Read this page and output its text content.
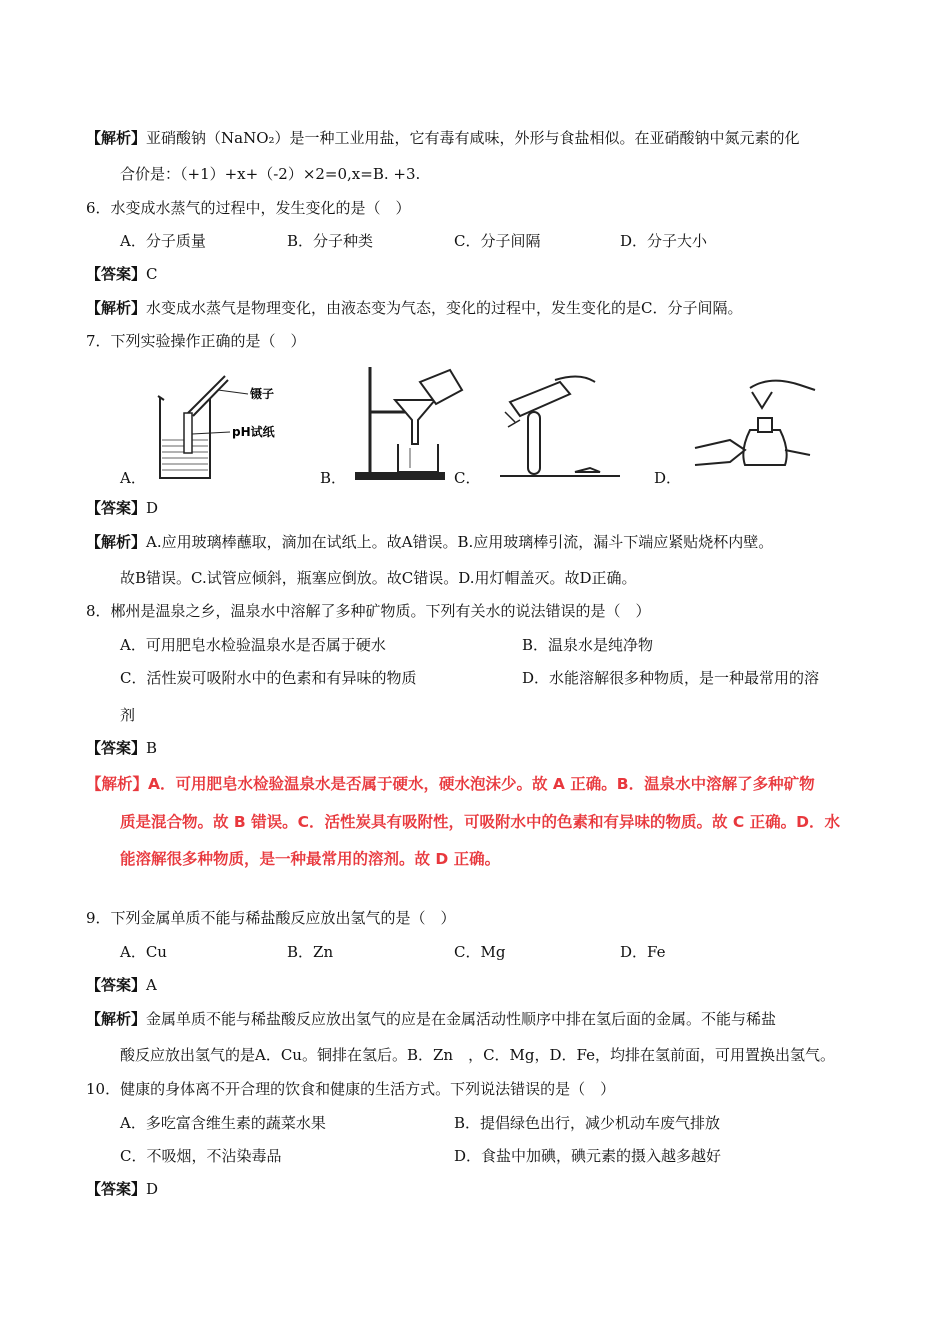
【解析】亚硝酸钠（NaNO₂）是一种工业用盐，它有毒有咸味，外形与食盐相似。在亚硝酸钠中氮元素的化
合价是：（+1）+x+（-2）×2=0,x=B. +3.
6．水变成水蒸气的过程中，发生变化的是（　）
A．分子质量	B．分子种类	C．分子间隔	D．分子大小
【答案】C
【解析】水变成水蒸气是物理变化，由液态变为气态，变化的过程中，发生变化的是C．分子间隔。
7．下列实验操作正确的是（　）
镊子
pH试纸
A．	B．	C．	D．
【答案】D
【解析】A.应用玻璃棒蘸取，滴加在试纸上。故A错误。B.应用玻璃棒引流，漏斗下端应紧贴烧杯内壁。
故B错误。C.试管应倾斜，瓶塞应倒放。故C错误。D.用灯帽盖灭。故D正确。
8．郴州是温泉之乡，温泉水中溶解了多种矿物质。下列有关水的说法错误的是（　）
A．可用肥皂水检验温泉水是否属于硬水	B．温泉水是纯净物
C．活性炭可吸附水中的色素和有异味的物质	D．水能溶解很多种物质，是一种最常用的溶
剂
【答案】B
【解析】A．可用肥皂水检验温泉水是否属于硬水，硬水泡沫少。故 A 正确。B．温泉水中溶解了多种矿物
质是混合物。故 B 错误。C．活性炭具有吸附性，可吸附水中的色素和有异味的物质。故 C 正确。D．水
能溶解很多种物质，是一种最常用的溶剂。故 D 正确。
9．下列金属单质不能与稀盐酸反应放出氢气的是（　）
A．Cu	B．Zn	C．Mg	D．Fe
【答案】A
【解析】金属单质不能与稀盐酸反应放出氢气的应是在金属活动性顺序中排在氢后面的金属。不能与稀盐
酸反应放出氢气的是A．Cu。铜排在氢后。B．Zn　，C．Mg，D．Fe，均排在氢前面，可用置换出氢气。
10．健康的身体离不开合理的饮食和健康的生活方式。下列说法错误的是（　）
A．多吃富含维生素的蔬菜水果	B．提倡绿色出行，减少机动车废气排放
C．不吸烟，不沾染毒品	D．食盐中加碘，碘元素的摄入越多越好
【答案】D
